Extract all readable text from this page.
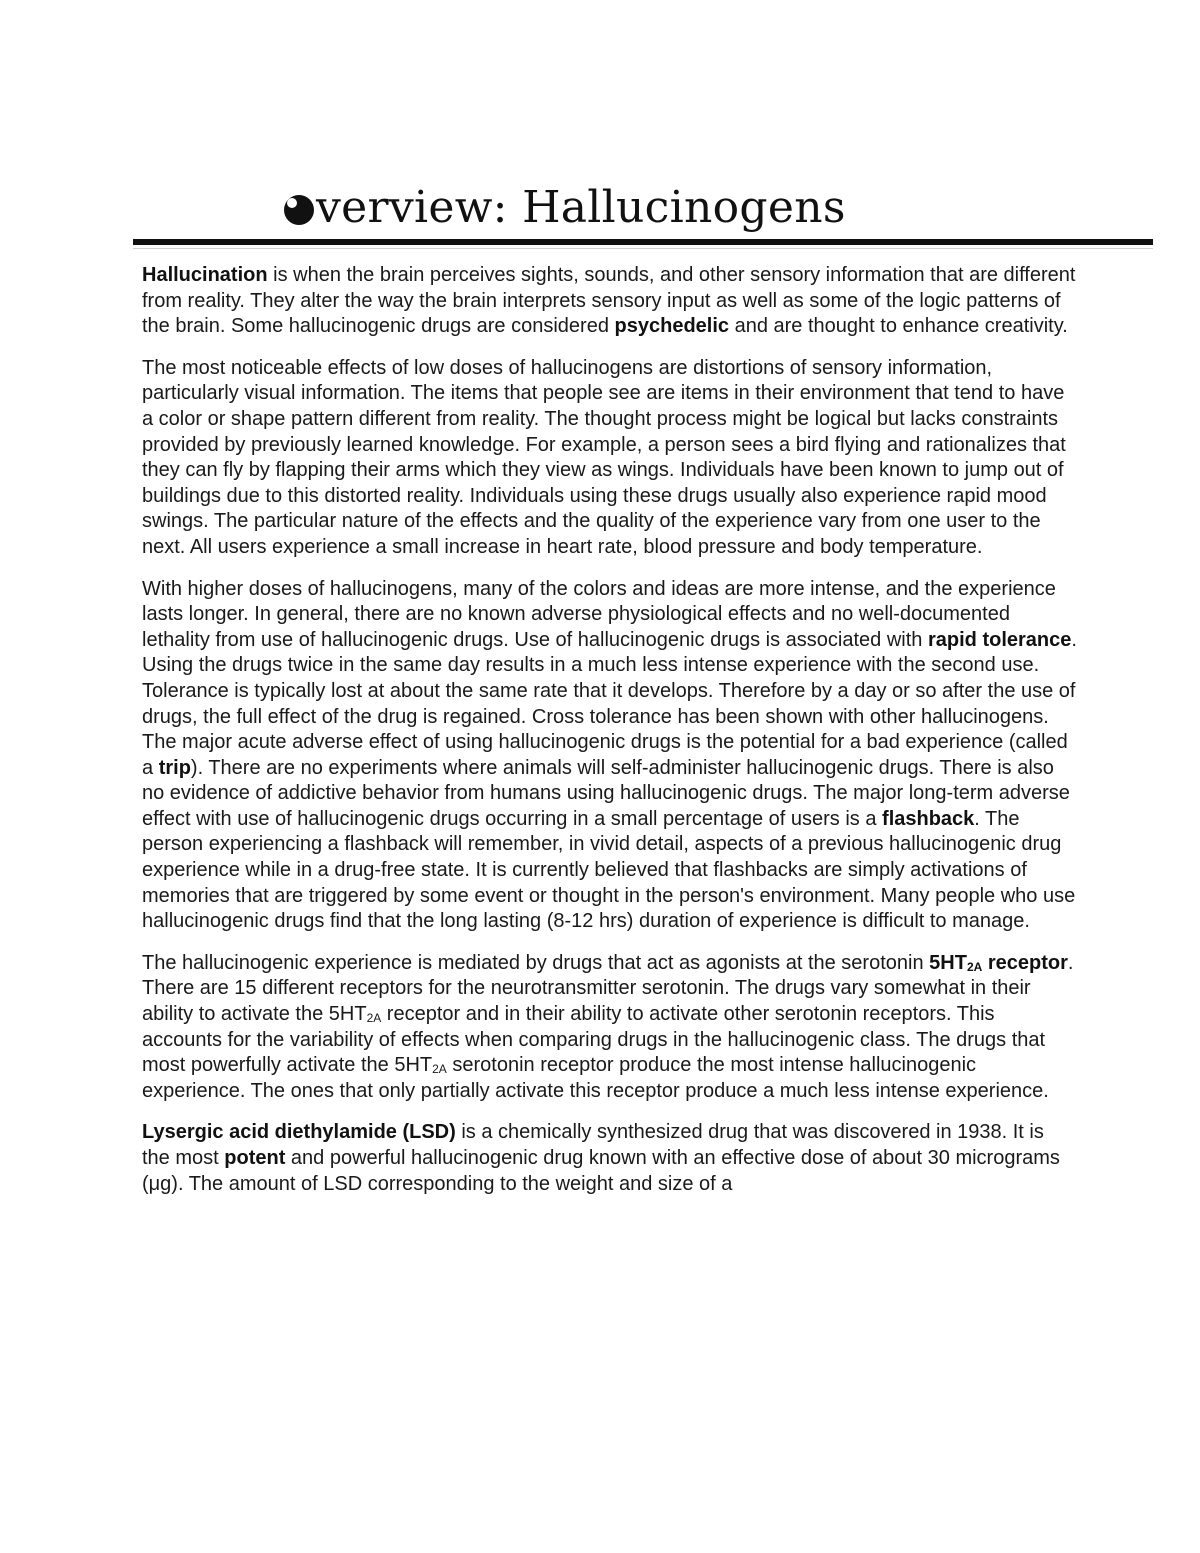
verview: Hallucinogens

Hallucination is when the brain perceives sights, sounds, and other sensory information that are different from reality. They alter the way the brain interprets sensory input as well as some of the logic patterns of the brain. Some hallucinogenic drugs are considered psychedelic and are thought to enhance creativity.

The most noticeable effects of low doses of hallucinogens are distortions of sensory information, particularly visual information. The items that people see are items in their environment that tend to have a color or shape pattern different from reality. The thought process might be logical but lacks constraints provided by previously learned knowledge. For example, a person sees a bird flying and rationalizes that they can fly by flapping their arms which they view as wings. Individuals have been known to jump out of buildings due to this distorted reality. Individuals using these drugs usually also experience rapid mood swings. The particular nature of the effects and the quality of the experience vary from one user to the next. All users experience a small increase in heart rate, blood pressure and body temperature.

With higher doses of hallucinogens, many of the colors and ideas are more intense, and the experience lasts longer. In general, there are no known adverse physiological effects and no well-documented lethality from use of hallucinogenic drugs. Use of hallucinogenic drugs is associated with rapid tolerance. Using the drugs twice in the same day results in a much less intense experience with the second use. Tolerance is typically lost at about the same rate that it develops. Therefore by a day or so after the use of drugs, the full effect of the drug is regained. Cross tolerance has been shown with other hallucinogens. The major acute adverse effect of using hallucinogenic drugs is the potential for a bad experience (called a trip). There are no experiments where animals will self-administer hallucinogenic drugs. There is also no evidence of addictive behavior from humans using hallucinogenic drugs. The major long-term adverse effect with use of hallucinogenic drugs occurring in a small percentage of users is a flashback. The person experiencing a flashback will remember, in vivid detail, aspects of a previous hallucinogenic drug experience while in a drug-free state. It is currently believed that flashbacks are simply activations of memories that are triggered by some event or thought in the person's environment. Many people who use hallucinogenic drugs find that the long lasting (8-12 hrs) duration of experience is difficult to manage.

The hallucinogenic experience is mediated by drugs that act as agonists at the serotonin 5HT2A receptor. There are 15 different receptors for the neurotransmitter serotonin. The drugs vary somewhat in their ability to activate the 5HT2A receptor and in their ability to activate other serotonin receptors. This accounts for the variability of effects when comparing drugs in the hallucinogenic class. The drugs that most powerfully activate the 5HT2A serotonin receptor produce the most intense hallucinogenic experience. The ones that only partially activate this receptor produce a much less intense experience.

Lysergic acid diethylamide (LSD) is a chemically synthesized drug that was discovered in 1938. It is the most potent and powerful hallucinogenic drug known with an effective dose of about 30 micrograms (μg). The amount of LSD corresponding to the weight and size of a
